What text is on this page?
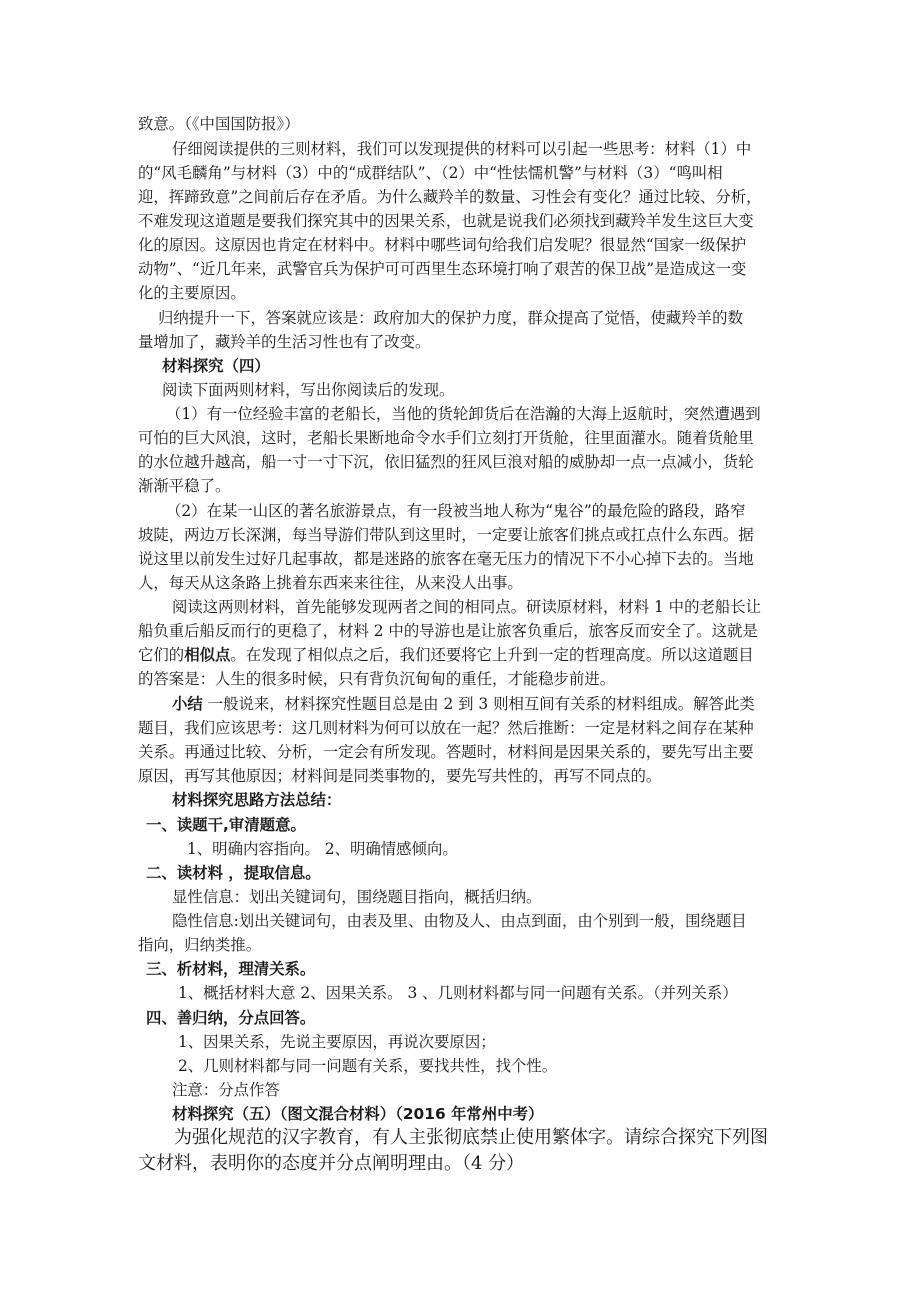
致意。（《中国国防报》）
仔细阅读提供的三则材料，我们可以发现提供的材料可以引起一些思考：材料（1）中
的“风毛麟角”与材料（3）中的“成群结队”、（2）中“性怯懦机警”与材料（3）“鸣叫相
迎，挥蹄致意”之间前后存在矛盾。为什么藏羚羊的数量、习性会有变化？通过比较、分析，
不难发现这道题是要我们探究其中的因果关系，也就是说我们必须找到藏羚羊发生这巨大变
化的原因。这原因也肯定在材料中。材料中哪些词句给我们启发呢？很显然“国家一级保护
动物”、“近几年来，武警官兵为保护可可西里生态环境打响了艰苦的保卫战”是造成这一变
化的主要原因。
归纳提升一下，答案就应该是：政府加大的保护力度，群众提高了觉悟，使藏羚羊的数
量增加了，藏羚羊的生活习性也有了改变。
材料探究（四）
阅读下面两则材料，写出你阅读后的发现。
（1）有一位经验丰富的老船长，当他的货轮卸货后在浩瀚的大海上返航时，突然遭遇到
可怕的巨大风浪，这时，老船长果断地命令水手们立刻打开货舱，往里面灌水。随着货舱里
的水位越升越高，船一寸一寸下沉，依旧猛烈的狂风巨浪对船的威胁却一点一点减小，货轮
渐渐平稳了。
（2）在某一山区的著名旅游景点，有一段被当地人称为“鬼谷”的最危险的路段，路窄
坡陡，两边万长深渊，每当导游们带队到这里时，一定要让旅客们挑点或扛点什么东西。据
说这里以前发生过好几起事故，都是迷路的旅客在毫无压力的情况下不小心掉下去的。当地
人，每天从这条路上挑着东西来来往往，从来没人出事。
阅读这两则材料，首先能够发现两者之间的相同点。研读原材料，材料 1 中的老船长让
船负重后船反而行的更稳了，材料 2 中的导游也是让旅客负重后，旅客反而安全了。这就是
它们的相似点。在发现了相似点之后，我们还要将它上升到一定的哲理高度。所以这道题目
的答案是：人生的很多时候，只有背负沉甸甸的重任，才能稳步前进。
小结 一般说来，材料探究性题目总是由 2 到 3 则相互间有关系的材料组成。解答此类
题目，我们应该思考：这几则材料为何可以放在一起？然后推断：一定是材料之间存在某种
关系。再通过比较、分析，一定会有所发现。答题时，材料间是因果关系的，要先写出主要
原因，再写其他原因；材料间是同类事物的，要先写共性的，再写不同点的。
材料探究思路方法总结：
一、读题干,审清题意。
1、明确内容指向。 2、明确情感倾向。
二、读材料 ，提取信息。
显性信息：划出关键词句，围绕题目指向，概括归纳。
隐性信息:划出关键词句，由表及里、由物及人、由点到面，由个别到一般，围绕题目
指向，归纳类推。
三、析材料，理清关系。
1、概括材料大意 2、因果关系。 3 、几则材料都与同一问题有关系。（并列关系）
四、善归纳，分点回答。
1、因果关系，先说主要原因，再说次要原因；
2、几则材料都与同一问题有关系，要找共性，找个性。
注意：分点作答
材料探究（五）（图文混合材料）（2016 年常州中考）
为强化规范的汉字教育，有人主张彻底禁止使用繁体字。请综合探究下列图
文材料，表明你的态度并分点阐明理由。（4 分）
